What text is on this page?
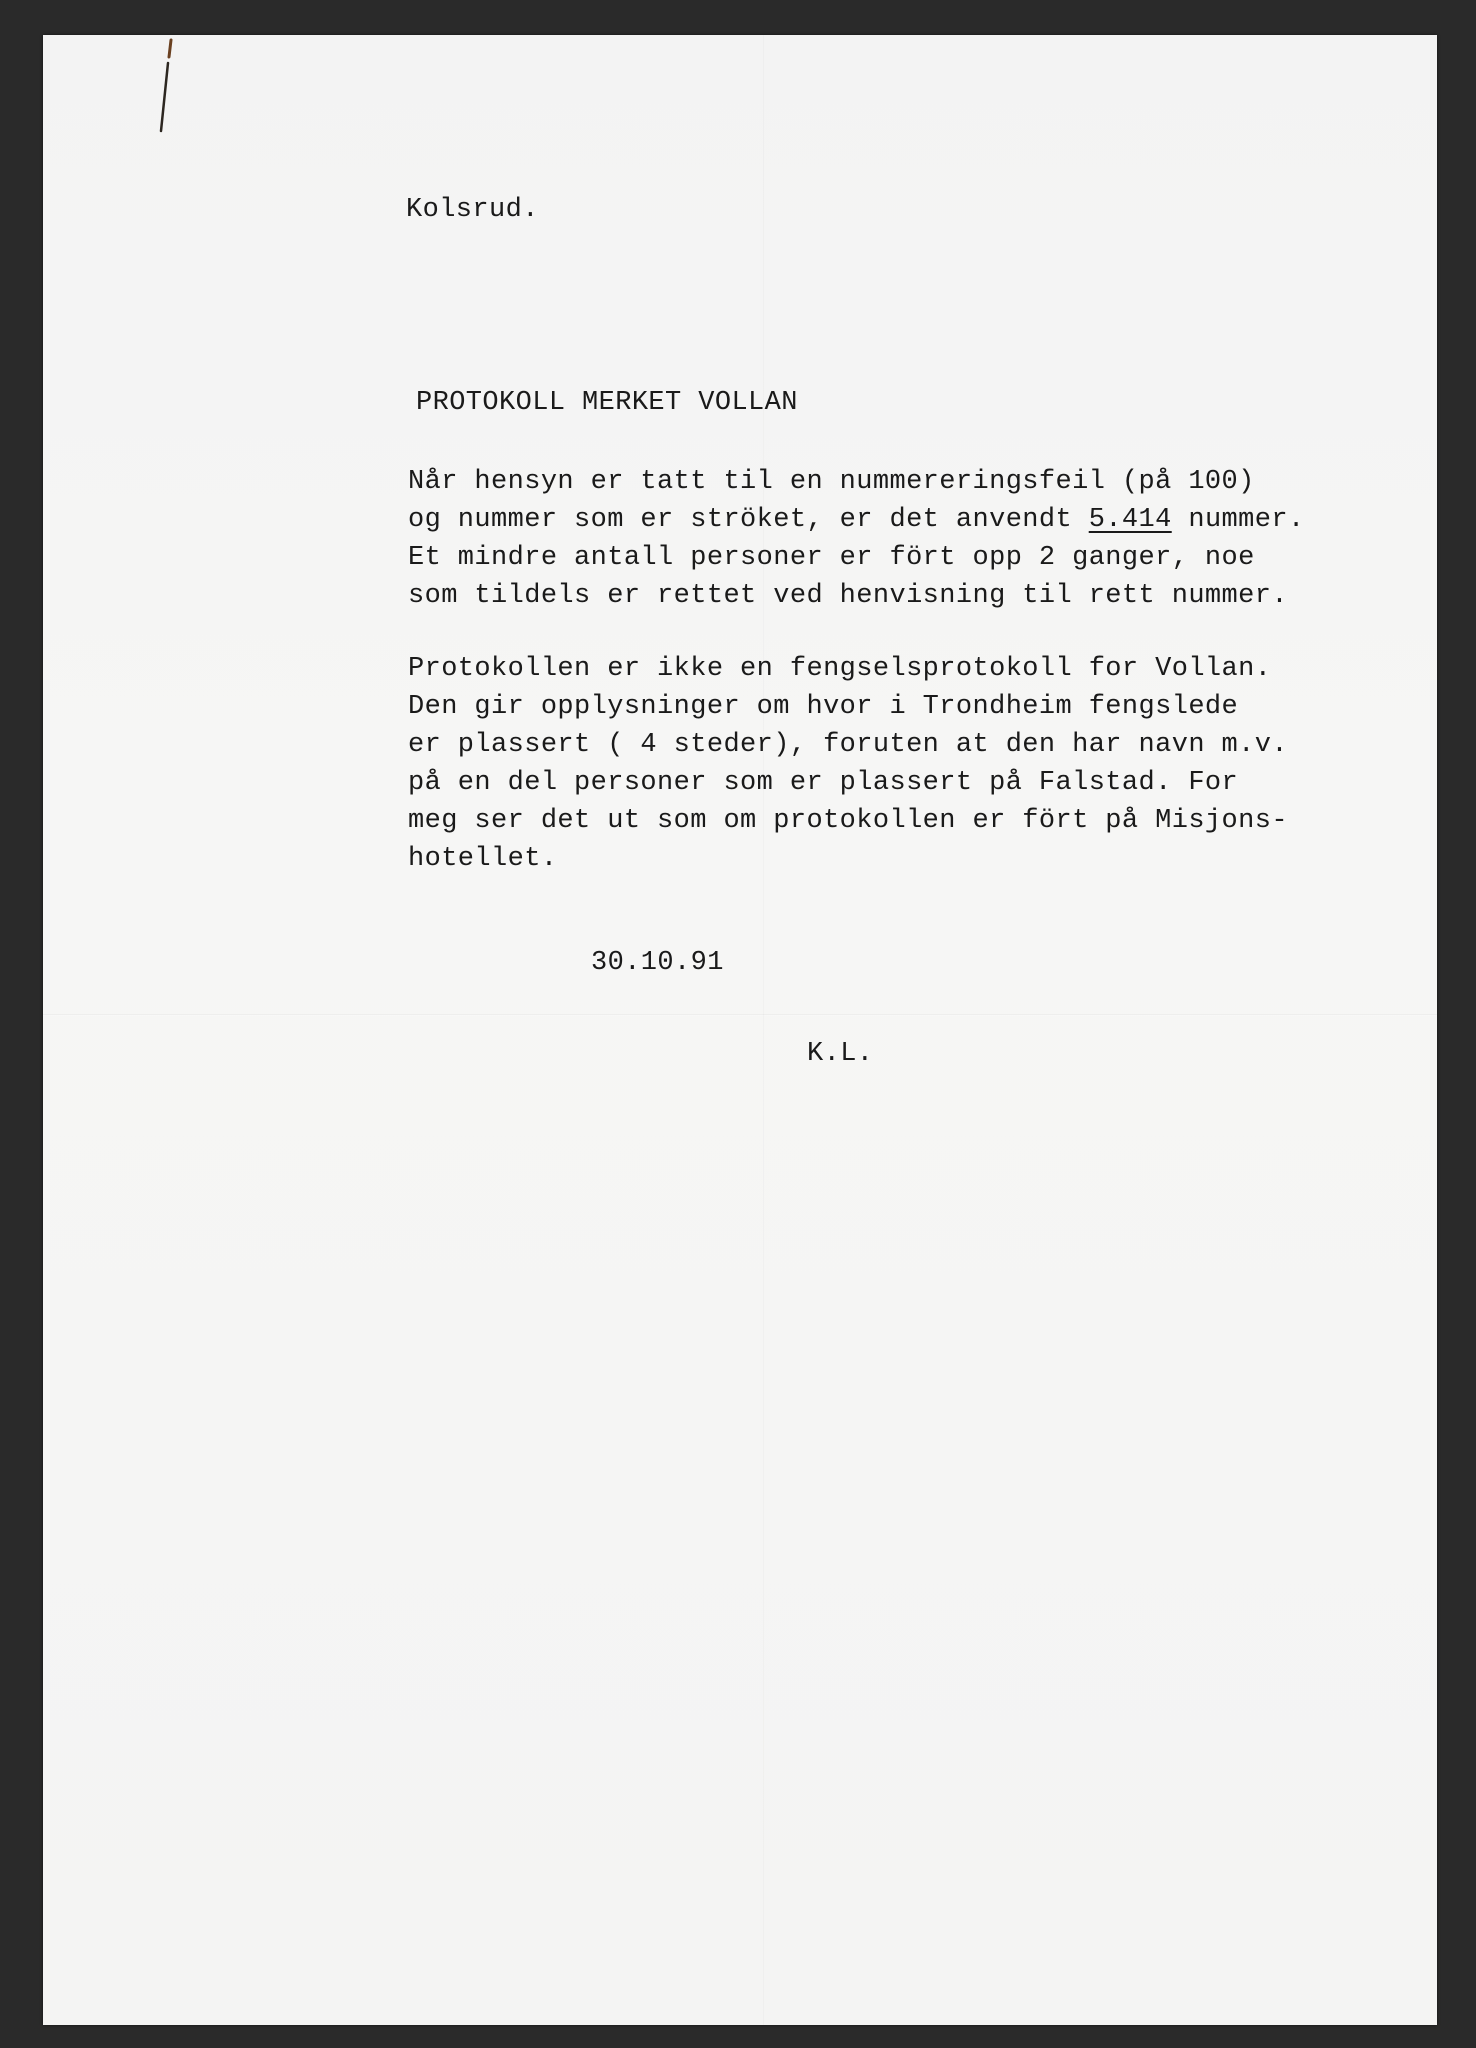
Kolsrud.
PROTOKOLL MERKET VOLLAN
Når hensyn er tatt til en nummereringsfeil (på 100)
og nummer som er ströket, er det anvendt 5.414 nummer.
Et mindre antall personer er fört opp 2 ganger, noe
som tildels er rettet ved henvisning til rett nummer.
Protokollen er ikke en fengselsprotokoll for Vollan.
Den gir opplysninger om hvor i Trondheim fengslede
er plassert ( 4 steder), foruten at den har navn m.v.
på en del personer som er plassert på Falstad. For
meg ser det ut som om protokollen er fört på Misjons-
hotellet.
30.10.91
K.L.
